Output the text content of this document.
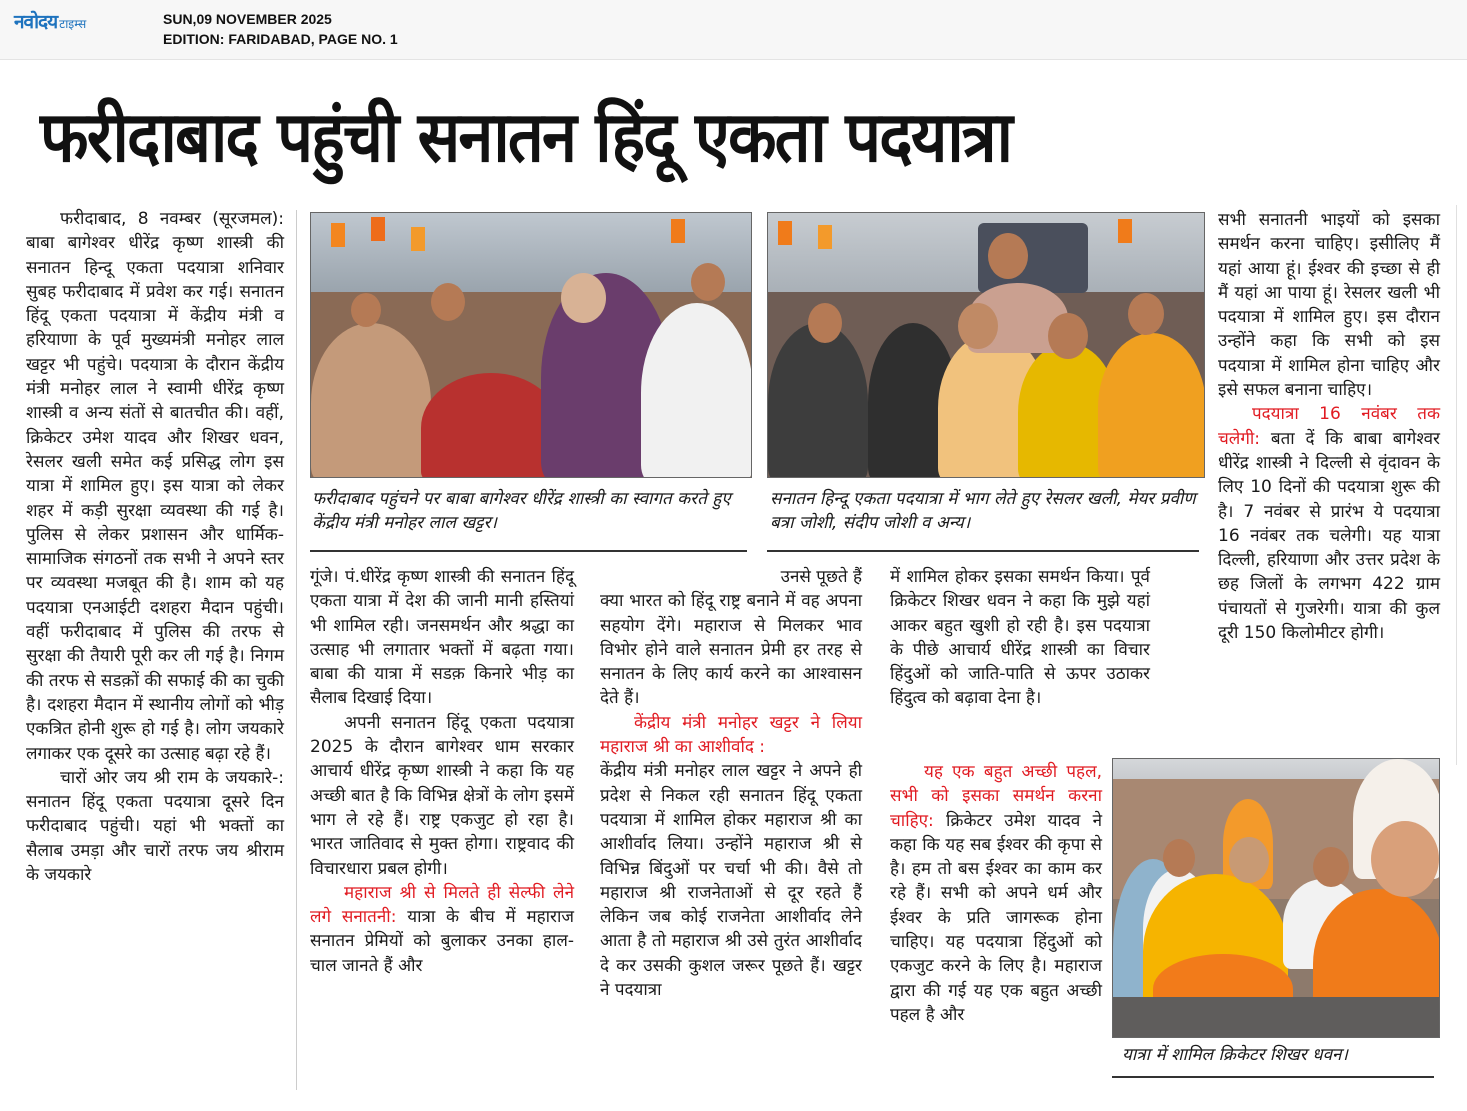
नवोदय टाइम्स	SUN,09 NOVEMBER 2025
EDITION: FARIDABAD, PAGE NO. 1
फरीदाबाद पहुंची सनातन हिंदू एकता पदयात्रा

फरीदाबाद, 8 नवम्बर (सूरजमल): बाबा बागेश्वर धीरेंद्र कृष्ण शास्त्री की सनातन हिन्दू एकता पदयात्रा शनिवार सुबह फरीदाबाद में प्रवेश कर गई। सनातन हिंदू एकता पदयात्रा में केंद्रीय मंत्री व हरियाणा के पूर्व मुख्यमंत्री मनोहर लाल खट्टर भी पहुंचे। पदयात्रा के दौरान केंद्रीय मंत्री मनोहर लाल ने स्वामी धीरेंद्र कृष्ण शास्त्री व अन्य संतों से बातचीत की। वहीं, क्रिकेटर उमेश यादव और शिखर धवन, रेसलर खली समेत कई प्रसिद्ध लोग इस यात्रा में शामिल हुए। इस यात्रा को लेकर शहर में कड़ी सुरक्षा व्यवस्था की गई है। पुलिस से लेकर प्रशासन और धार्मिक-सामाजिक संगठनों तक सभी ने अपने स्तर पर व्यवस्था मजबूत की है। शाम को यह पदयात्रा एनआईटी दशहरा मैदान पहुंची। वहीं फरीदाबाद में पुलिस की तरफ से सुरक्षा की तैयारी पूरी कर ली गई है। निगम की तरफ से सडक़ों की सफाई की का चुकी है। दशहरा मैदान में स्थानीय लोगों को भीड़ एकत्रित होनी शुरू हो गई है। लोग जयकारे लगाकर एक दूसरे का उत्साह बढ़ा रहे हैं।

चारों ओर जय श्री राम के जयकारे-: सनातन हिंदू एकता पदयात्रा दूसरे दिन फरीदाबाद पहुंची। यहां भी भक्तों का सैलाब उमड़ा और चारों तरफ जय श्रीराम के जयकारे

फरीदाबाद पहुंचने पर बाबा बागेश्वर धीरेंद्र शास्त्री का स्वागत करते हुए केंद्रीय मंत्री मनोहर लाल खट्टर।
सनातन हिन्दू एकता पदयात्रा में भाग लेते हुए रेसलर खली, मेयर प्रवीण बत्रा जोशी, संदीप जोशी व अन्य।

गूंजे। पं.धीरेंद्र कृष्ण शास्त्री की सनातन हिंदू एकता यात्रा में देश की जानी मानी हस्तियां भी शामिल रही। जनसमर्थन और श्रद्धा का उत्साह भी लगातार भक्तों में बढ़ता गया। बाबा की यात्रा में सडक़ किनारे भीड़ का सैलाब दिखाई दिया।

अपनी सनातन हिंदू एकता पदयात्रा 2025 के दौरान बागेश्वर धाम सरकार आचार्य धीरेंद्र कृष्ण शास्त्री ने कहा कि यह अच्छी बात है कि विभिन्न क्षेत्रों के लोग इसमें भाग ले रहे हैं। राष्ट्र एकजुट हो रहा है। भारत जातिवाद से मुक्त होगा। राष्ट्रवाद की विचारधारा प्रबल होगी।

महाराज श्री से मिलते ही सेल्फी लेने लगे सनातनी: यात्रा के बीच में महाराज सनातन प्रेमियों को बुलाकर उनका हाल-चाल जानते हैं और

उनसे पूछते हैं

क्या भारत को हिंदू राष्ट्र बनाने में वह अपना सहयोग देंगे। महाराज से मिलकर भाव विभोर होने वाले सनातन प्रेमी हर तरह से सनातन के लिए कार्य करने का आश्वासन देते हैं।

केंद्रीय मंत्री मनोहर खट्टर ने लिया महाराज श्री का आशीर्वाद :

केंद्रीय मंत्री मनोहर लाल खट्टर ने अपने ही प्रदेश से निकल रही सनातन हिंदू एकता पदयात्रा में शामिल होकर महाराज श्री का आशीर्वाद लिया। उन्होंने महाराज श्री से विभिन्न बिंदुओं पर चर्चा भी की। वैसे तो महाराज श्री राजनेताओं से दूर रहते हैं लेकिन जब कोई राजनेता आशीर्वाद लेने आता है तो महाराज श्री उसे तुरंत आशीर्वाद दे कर उसकी कुशल जरूर पूछते हैं। खट्टर ने पदयात्रा

में शामिल होकर इसका समर्थन किया। पूर्व क्रिकेटर शिखर धवन ने कहा कि मुझे यहां आकर बहुत खुशी हो रही है। इस पदयात्रा के पीछे आचार्य धीरेंद्र शास्त्री का विचार हिंदुओं को जाति-पाति से ऊपर उठाकर हिंदुत्व को बढ़ावा देना है।

यह एक बहुत अच्छी पहल, सभी को इसका समर्थन करना चाहिए: क्रिकेटर उमेश यादव ने कहा कि यह सब ईश्वर की कृपा से है। हम तो बस ईश्वर का काम कर रहे हैं। सभी को अपने धर्म और ईश्वर के प्रति जागरूक होना चाहिए। यह पदयात्रा हिंदुओं को एकजुट करने के लिए है। महाराज द्वारा की गई यह एक बहुत अच्छी पहल है और

सभी सनातनी भाइयों को इसका समर्थन करना चाहिए। इसीलिए मैं यहां आया हूं। ईश्वर की इच्छा से ही मैं यहां आ पाया हूं। रेसलर खली भी पदयात्रा में शामिल हुए। इस दौरान उन्होंने कहा कि सभी को इस पदयात्रा में शामिल होना चाहिए और इसे सफल बनाना चाहिए।

पदयात्रा 16 नवंबर तक चलेगी: बता दें कि बाबा बागेश्वर धीरेंद्र शास्त्री ने दिल्ली से वृंदावन के लिए 10 दिनों की पदयात्रा शुरू की है। 7 नवंबर से प्रारंभ ये पदयात्रा 16 नवंबर तक चलेगी। यह यात्रा दिल्ली, हरियाणा और उत्तर प्रदेश के छह जिलों के लगभग 422 ग्राम पंचायतों से गुजरेगी। यात्रा की कुल दूरी 150 किलोमीटर होगी।

यात्रा में शामिल क्रिकेटर शिखर धवन।
